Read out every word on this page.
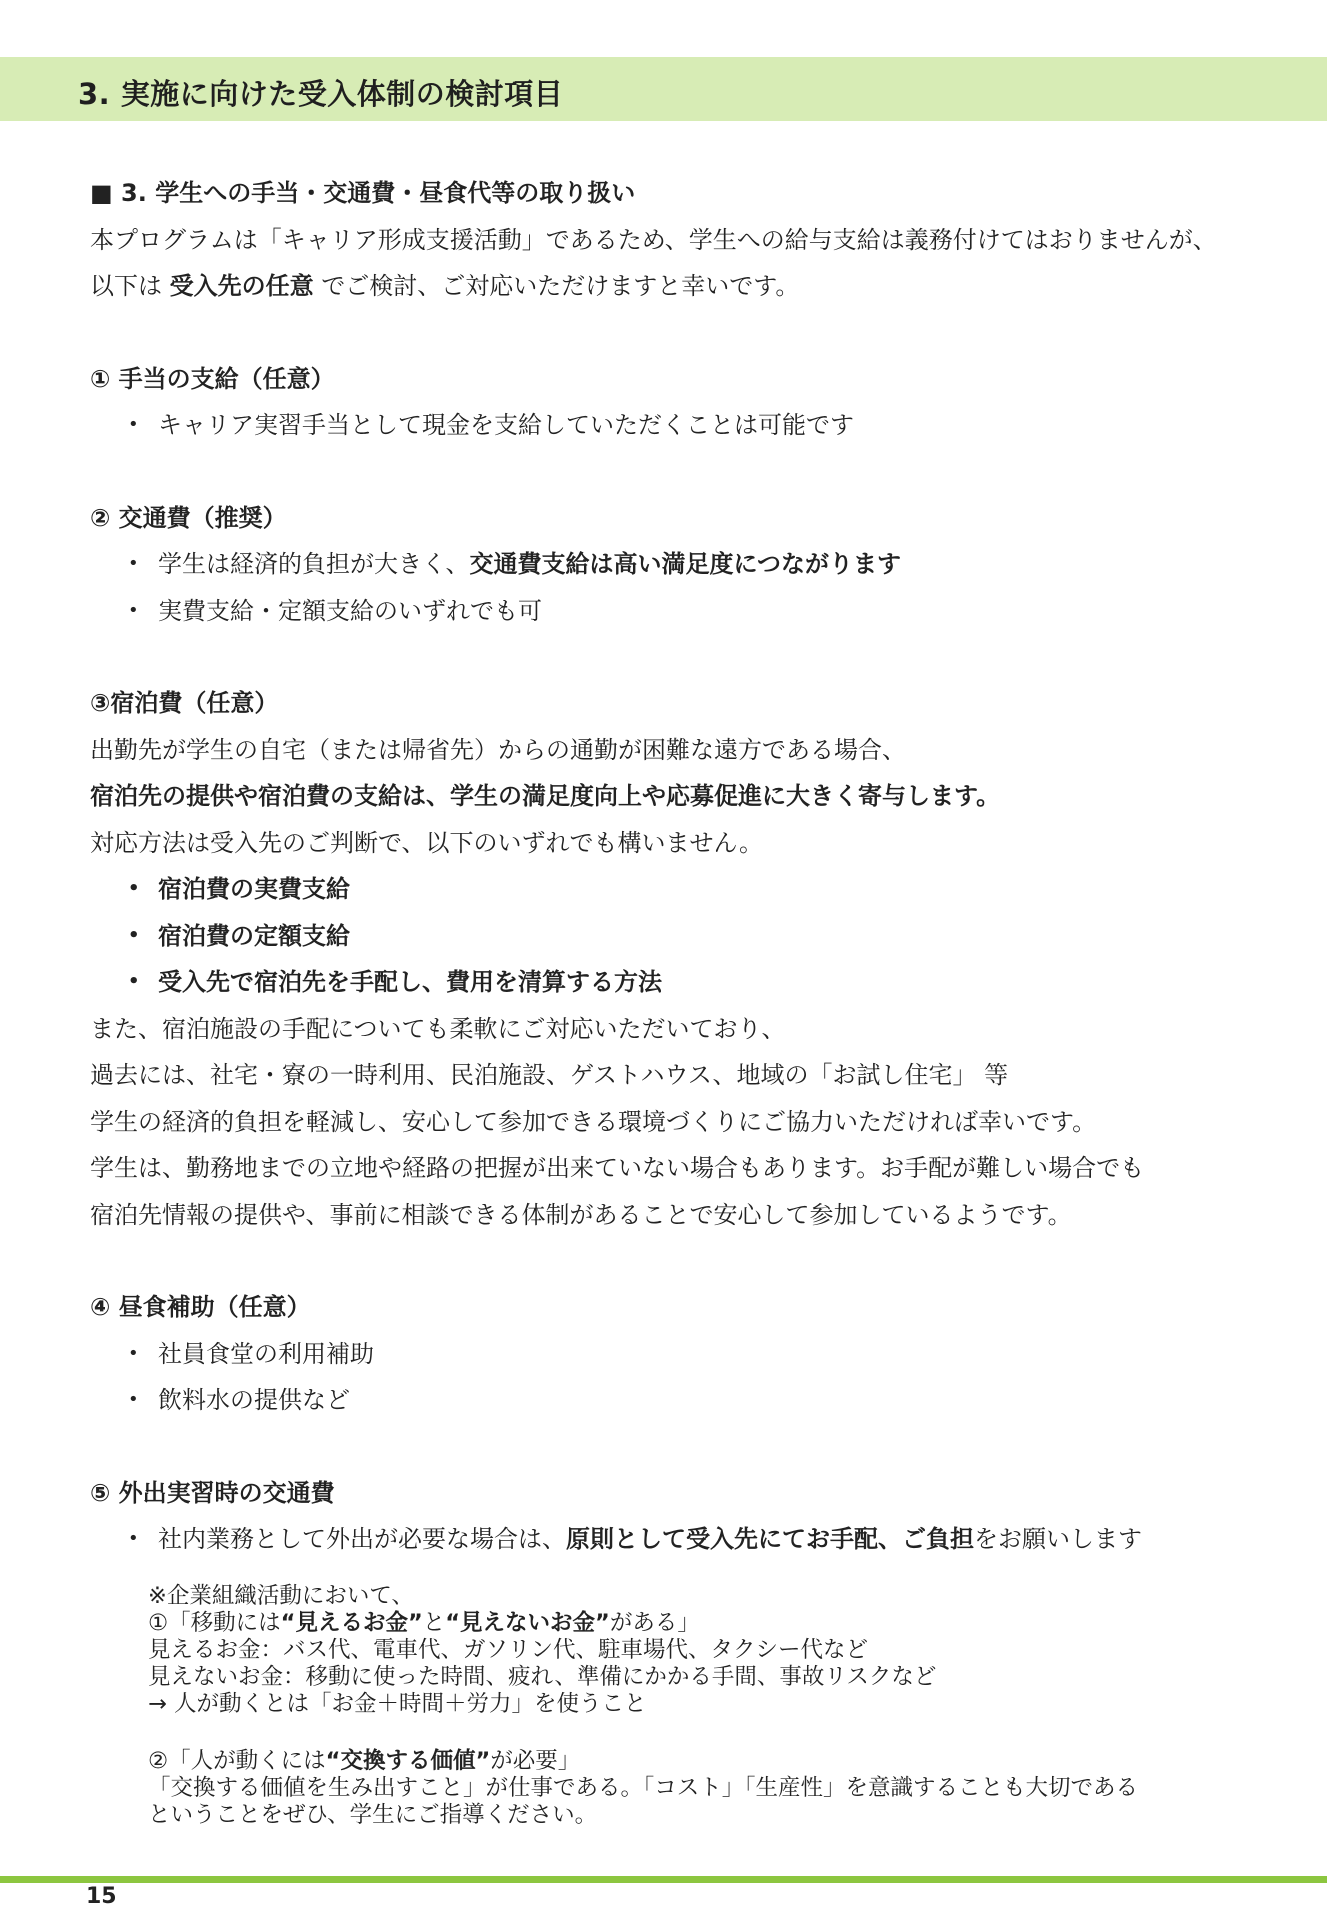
3. 実施に向けた受入体制の検討項目
■ 3. 学生への手当・交通費・昼食代等の取り扱い
本プログラムは「キャリア形成支援活動」であるため、学生への給与支給は義務付けてはおりませんが、
以下は 受入先の任意 でご検討、ご対応いただけますと幸いです。
① 手当の支給（任意）
• キャリア実習手当として現金を支給していただくことは可能です
② 交通費（推奨）
• 学生は経済的負担が大きく、交通費支給は高い満足度につながります
• 実費支給・定額支給のいずれでも可
③宿泊費（任意）
出勤先が学生の自宅（または帰省先）からの通勤が困難な遠方である場合、
宿泊先の提供や宿泊費の支給は、学生の満足度向上や応募促進に大きく寄与します。
対応方法は受入先のご判断で、以下のいずれでも構いません。
• 宿泊費の実費支給
• 宿泊費の定額支給
• 受入先で宿泊先を手配し、費用を清算する方法
また、宿泊施設の手配についても柔軟にご対応いただいており、
過去には、社宅・寮の一時利用、民泊施設、ゲストハウス、地域の「お試し住宅」 等
学生の経済的負担を軽減し、安心して参加できる環境づくりにご協力いただければ幸いです。
学生は、勤務地までの立地や経路の把握が出来ていない場合もあります。お手配が難しい場合でも
宿泊先情報の提供や、事前に相談できる体制があることで安心して参加しているようです。
④ 昼食補助（任意）
• 社員食堂の利用補助
• 飲料水の提供など
⑤ 外出実習時の交通費
• 社内業務として外出が必要な場合は、原則として受入先にてお手配、ご負担をお願いします
※企業組織活動において、
①「移動には“見えるお金”と“見えないお金”がある」
見えるお金：バス代、電車代、ガソリン代、駐車場代、タクシー代など
見えないお金：移動に使った時間、疲れ、準備にかかる手間、事故リスクなど
→ 人が動くとは「お金＋時間＋労力」を使うこと
②「人が動くには“交換する価値”が必要」
「交換する価値を生み出すこと」が仕事である。「コスト」「生産性」を意識することも大切である
ということをぜひ、学生にご指導ください。
15
